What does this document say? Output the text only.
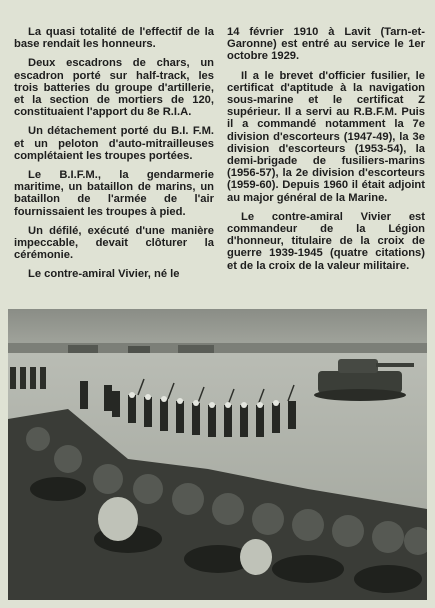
La quasi totalité de l'effectif de la base rendait les honneurs.

Deux escadrons de chars, un escadron porté sur half-track, les trois batteries du groupe d'artillerie, et la section de mortiers de 120, constituaient l'apport du 8e R.I.A.

Un détachement porté du B.I. F.M. et un peloton d'auto-mitrailleuses complétaient les troupes portées.

Le B.I.F.M., la gendarmerie maritime, un bataillon de marins, un bataillon de l'armée de l'air fournissaient les troupes à pied.

Un défilé, exécuté d'une manière impeccable, devait clôturer la cérémonie.

Le contre-amiral Vivier, né le

14 février 1910 à Lavit (Tarn-et-Garonne) est entré au service le 1er octobre 1929.

Il a le brevet d'officier fusilier, le certificat d'aptitude à la navigation sous-marine et le certificat Z supérieur. Il a servi au R.B.F.M. Puis il a commandé notamment la 7e division d'escorteurs (1947-49), la 3e division d'escorteurs (1953-54), la demi-brigade de fusiliers-marins (1956-57), la 2e division d'escorteurs (1959-60). Depuis 1960 il était adjoint au major général de la Marine.

Le contre-amiral Vivier est commandeur de la Légion d'honneur, titulaire de la croix de guerre 1939-1945 (quatre citations) et de la croix de la valeur militaire.
